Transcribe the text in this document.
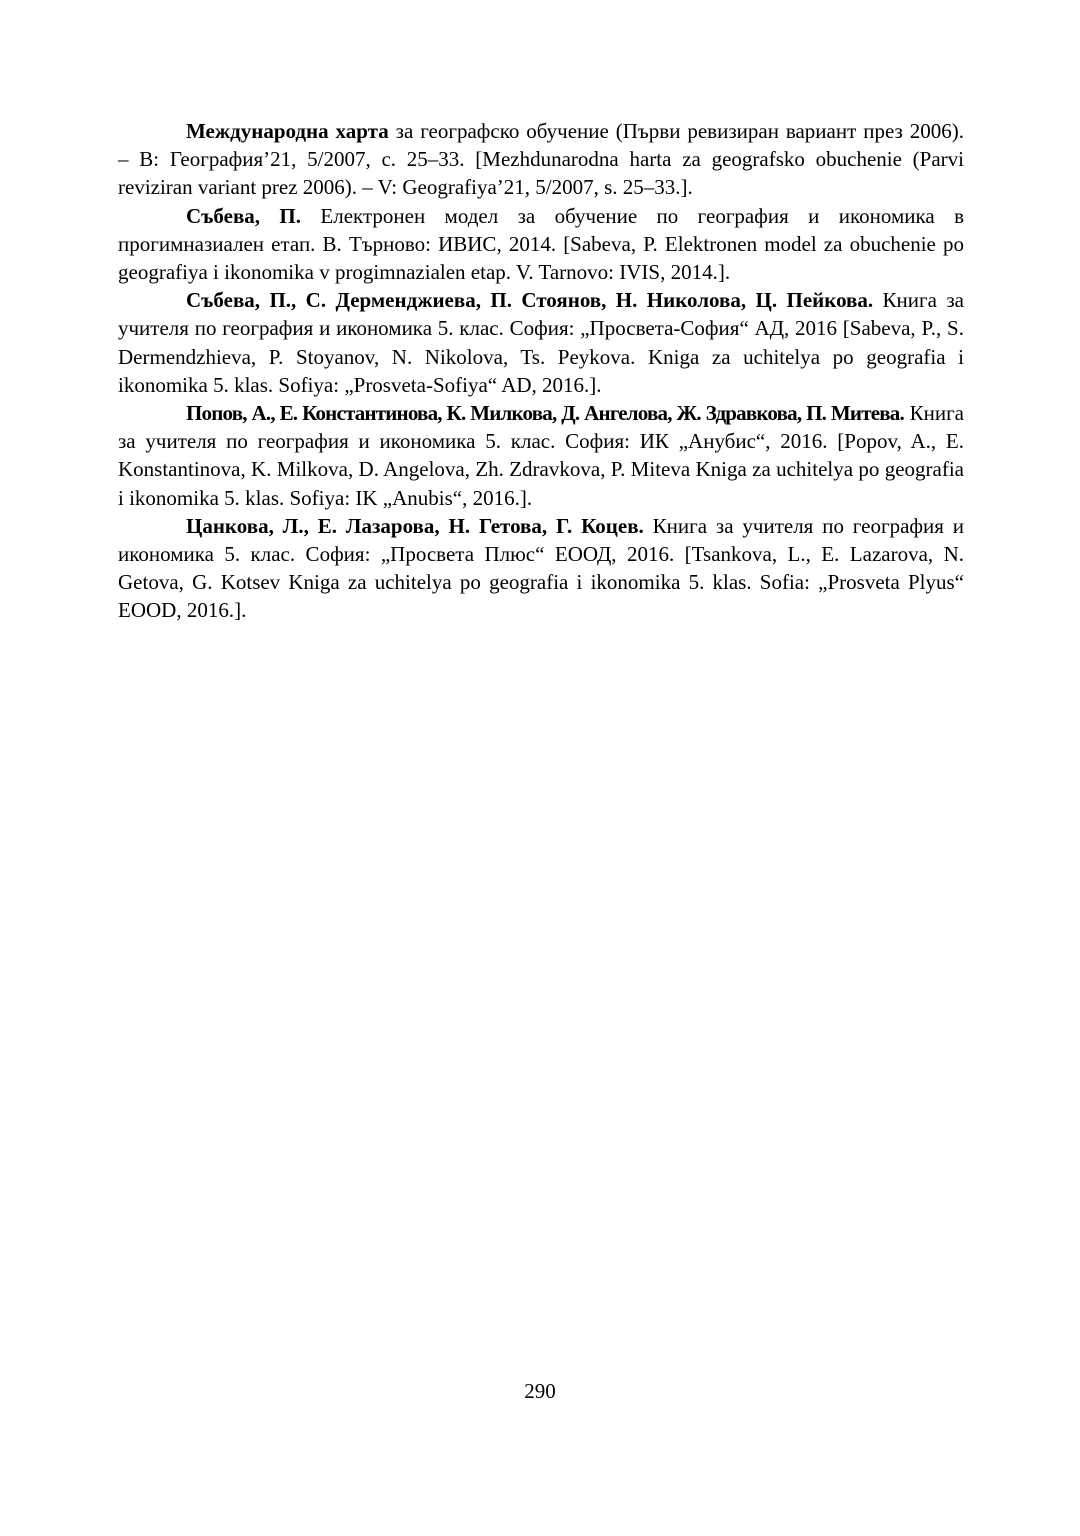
Международна харта за географско обучение (Първи ревизиран вариант през 2006). – В: География’21, 5/2007, с. 25–33. [Mezhdunarodna harta za geografsko obuchenie (Parvi reviziran variant prez 2006). – V: Geografiya’21, 5/2007, s. 25–33.].

Събева, П. Електронен модел за обучение по география и икономика в прогимназиален етап. В. Търново: ИВИС, 2014. [Sabeva, P. Elektronen model za obuchenie po geografiya i ikonomika v progimnazialen etap. V. Tarnovo: IVIS, 2014.].

Събева, П., С. Дерменджиева, П. Стоянов, Н. Николова, Ц. Пейкова. Книга за учителя по география и икономика 5. клас. София: „Просвета-София“ АД, 2016 [Sabeva, P., S. Dermendzhieva, P. Stoyanov, N. Nikolova, Ts. Peykova. Kniga za uchitelya po geografia i ikonomika 5. klas. Sofiya: „Prosveta-Sofiya“ AD, 2016.].

Попов, А., Е. Константинова, К. Милкова, Д. Ангелова, Ж. Здравкова, П. Митева. Книга за учителя по география и икономика 5. клас. София: ИК „Анубис“, 2016. [Popov, A., E. Konstantinova, K. Milkova, D. Angelova, Zh. Zdravkova, P. Miteva Kniga za uchitelya po geografia i ikonomika 5. klas. Sofiya: IK „Anubis“, 2016.].

Цанкова, Л., Е. Лазарова, Н. Гетова, Г. Коцев. Книга за учителя по география и икономика 5. клас. София: „Просвета Плюс“ ЕООД, 2016. [Tsankova, L., E. Lazarova, N. Getova, G. Kotsev Kniga za uchitelya po geografia i ikonomika 5. klas. Sofia: „Prosveta Plyus“ EOOD, 2016.].

290
